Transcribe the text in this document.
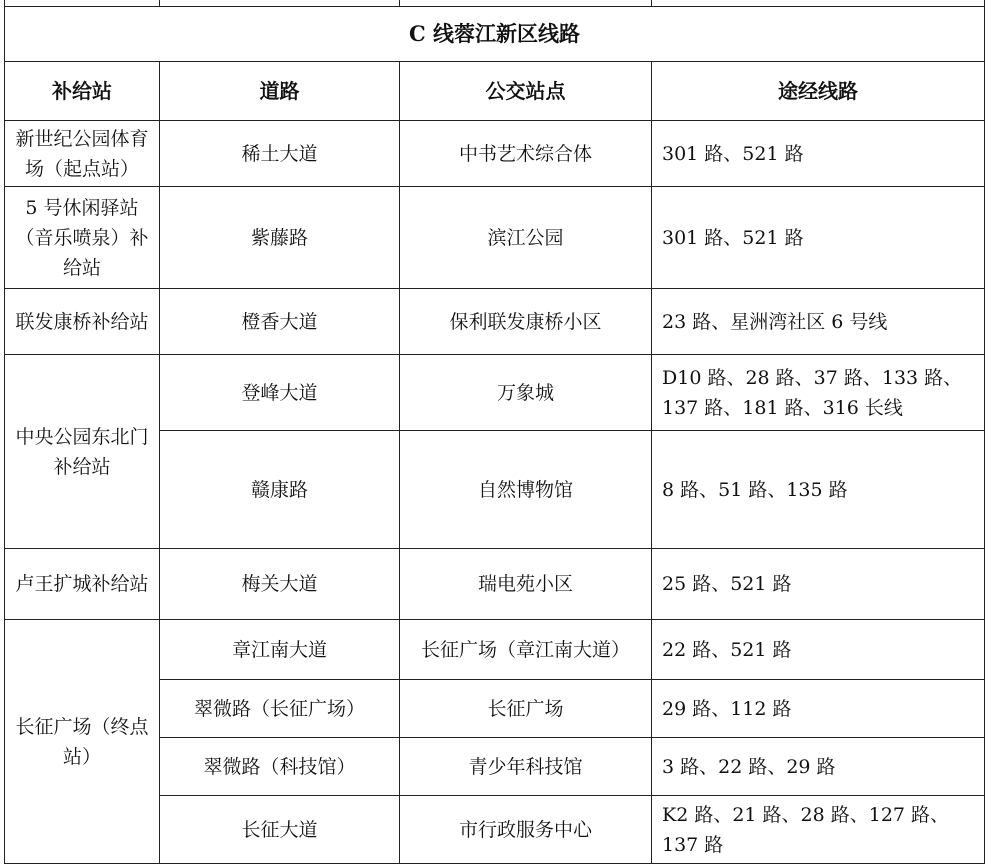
C 线蓉江新区线路			
补给站	道路	公交站点	途经线路
新世纪公园体育场（起点站）	稀土大道	中书艺术综合体	301 路、521 路
5 号休闲驿站（音乐喷泉）补给站	紫藤路	滨江公园	301 路、521 路
联发康桥补给站	橙香大道	保利联发康桥小区	23 路、星洲湾社区 6 号线
中央公园东北门补给站	登峰大道	万象城	D10 路、28 路、37 路、133 路、137 路、181 路、316 长线
	赣康路	自然博物馆	8 路、51 路、135 路
卢王扩城补给站	梅关大道	瑞电苑小区	25 路、521 路
长征广场（终点站）	章江南大道	长征广场（章江南大道）	22 路、521 路
	翠微路（长征广场）	长征广场	29 路、112 路
	翠微路（科技馆）	青少年科技馆	3 路、22 路、29 路
	长征大道	市行政服务中心	K2 路、21 路、28 路、127 路、137 路
